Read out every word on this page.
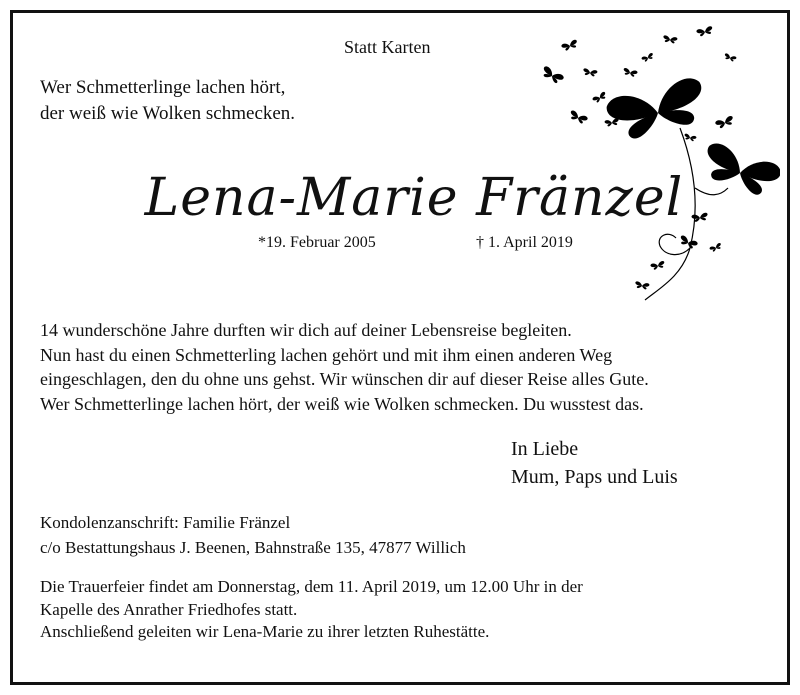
Statt Karten
Wer Schmetterlinge lachen hört,
der weiß wie Wolken schmecken.
Lena-Marie Fränzel
*19. Februar 2005	† 1. April 2019
14 wunderschöne Jahre durften wir dich auf deiner Lebensreise begleiten.
Nun hast du einen Schmetterling lachen gehört und mit ihm einen anderen Weg
eingeschlagen, den du ohne uns gehst. Wir wünschen dir auf dieser Reise alles Gute.
Wer Schmetterlinge lachen hört, der weiß wie Wolken schmecken. Du wusstest das.
In Liebe
Mum, Paps und Luis
Kondolenzanschrift: Familie Fränzel
c/o Bestattungshaus J. Beenen, Bahnstraße 135, 47877 Willich
Die Trauerfeier findet am Donnerstag, dem 11. April 2019, um 12.00 Uhr in der
Kapelle des Anrather Friedhofes statt.
Anschließend geleiten wir Lena-Marie zu ihrer letzten Ruhestätte.
